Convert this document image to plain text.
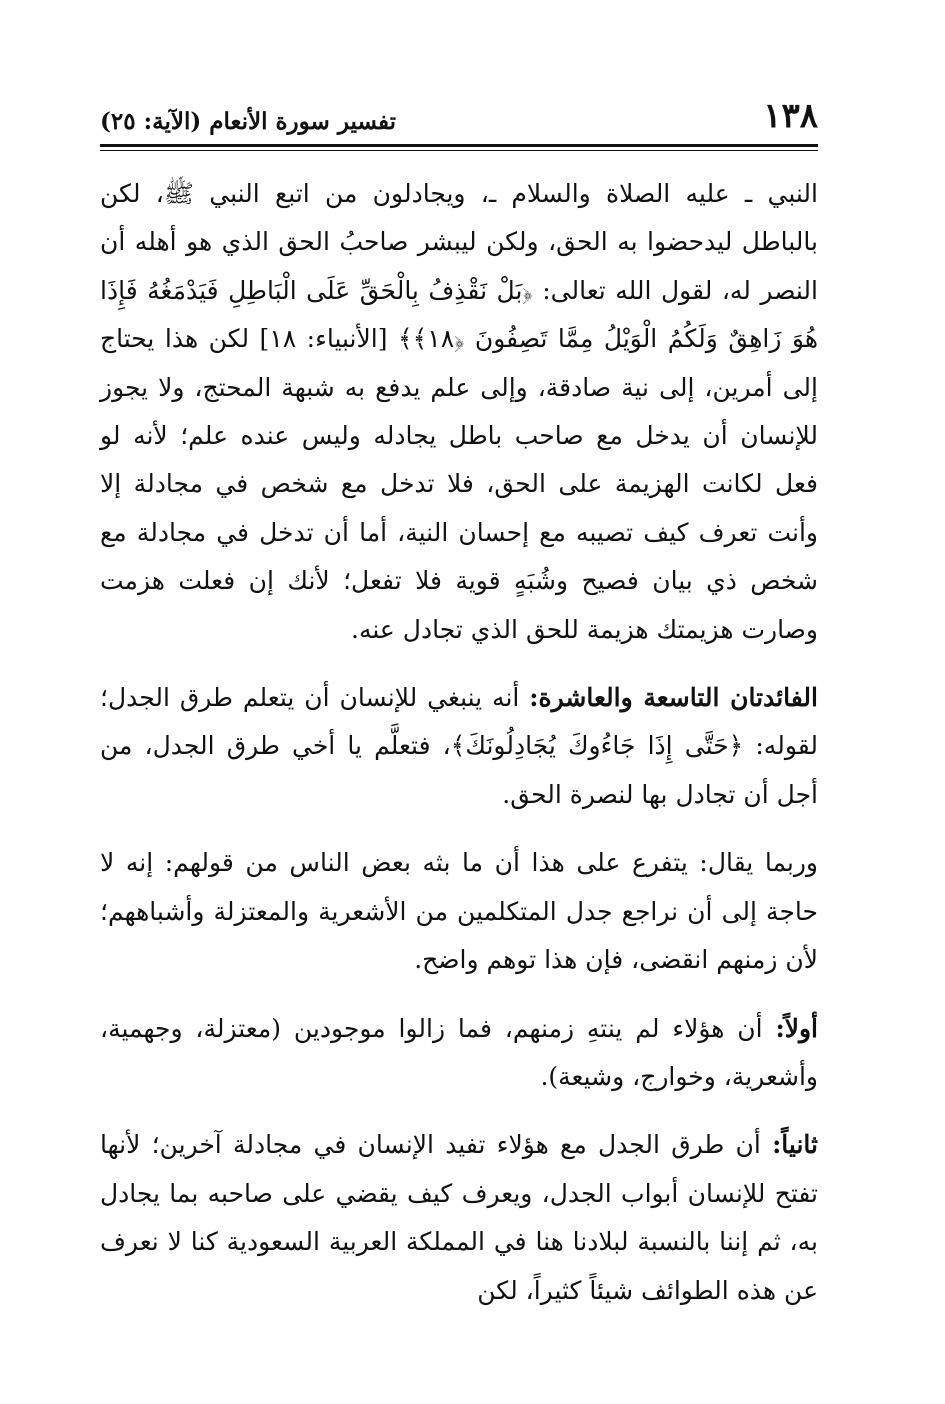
١٣٨
تفسير سورة الأنعام (الآية: ٢٥)

النبي ـ عليه الصلاة والسلام ـ، ويجادلون من اتبع النبي ﷺ، لكن بالباطل ليدحضوا به الحق، ولكن ليبشر صاحبُ الحق الذي هو أهله أن النصر له، لقول الله تعالى: ﴿بَلْ نَقْذِفُ بِالْحَقِّ عَلَى الْبَاطِلِ فَيَدْمَغُهُ فَإِذَا هُوَ زَاهِقٌ وَلَكُمُ الْوَيْلُ مِمَّا تَصِفُونَ ﴿١٨﴾﴾ [الأنبياء: ١٨] لكن هذا يحتاج إلى أمرين، إلى نية صادقة، وإلى علم يدفع به شبهة المحتج، ولا يجوز للإنسان أن يدخل مع صاحب باطل يجادله وليس عنده علم؛ لأنه لو فعل لكانت الهزيمة على الحق، فلا تدخل مع شخص في مجادلة إلا وأنت تعرف كيف تصيبه مع إحسان النية، أما أن تدخل في مجادلة مع شخص ذي بيان فصيح وشُبَهٍ قوية فلا تفعل؛ لأنك إن فعلت هزمت وصارت هزيمتك هزيمة للحق الذي تجادل عنه.

الفائدتان التاسعة والعاشرة: أنه ينبغي للإنسان أن يتعلم طرق الجدل؛ لقوله: ﴿حَتَّى إِذَا جَاءُوكَ يُجَادِلُونَكَ﴾، فتعلَّم يا أخي طرق الجدل، من أجل أن تجادل بها لنصرة الحق.

وربما يقال: يتفرع على هذا أن ما بثه بعض الناس من قولهم: إنه لا حاجة إلى أن نراجع جدل المتكلمين من الأشعرية والمعتزلة وأشباههم؛ لأن زمنهم انقضى، فإن هذا توهم واضح.

أولاً: أن هؤلاء لم ينتهِ زمنهم، فما زالوا موجودين (معتزلة، وجهمية، وأشعرية، وخوارج، وشيعة).

ثانياً: أن طرق الجدل مع هؤلاء تفيد الإنسان في مجادلة آخرين؛ لأنها تفتح للإنسان أبواب الجدل، ويعرف كيف يقضي على صاحبه بما يجادل به، ثم إننا بالنسبة لبلادنا هنا في المملكة العربية السعودية كنا لا نعرف عن هذه الطوائف شيئاً كثيراً، لكن
